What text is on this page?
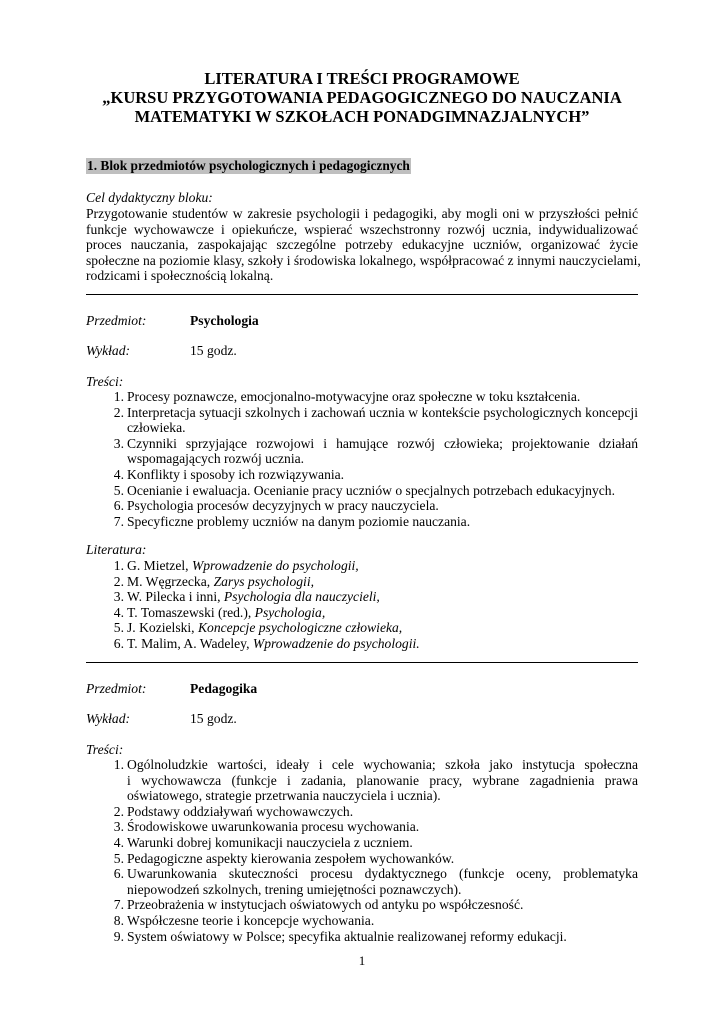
LITERATURA I TREŚCI PROGRAMOWE
„KURSU PRZYGOTOWANIA PEDAGOGICZNEGO DO NAUCZANIA
MATEMATYKI W SZKOŁACH PONADGIMNAZJALNYCH”
1. Blok przedmiotów psychologicznych i pedagogicznych
Cel dydaktyczny bloku:
Przygotowanie studentów w zakresie psychologii i pedagogiki, aby mogli oni w przyszłości pełnić
funkcje wychowawcze i opiekuńcze, wspierać wszechstronny rozwój ucznia, indywidualizować
proces nauczania, zaspokajając szczególne potrzeby edukacyjne uczniów, organizować życie
społeczne na poziomie klasy, szkoły i środowiska lokalnego, współpracować z innymi nauczycielami,
rodzicami i społecznością lokalną.
Przedmiot:	Psychologia
Wykład:	15 godz.
Treści:
1. Procesy poznawcze, emocjonalno-motywacyjne oraz społeczne w toku kształcenia.
2. Interpretacja sytuacji szkolnych i zachowań ucznia w kontekście psychologicznych koncepcji
człowieka.
3. Czynniki sprzyjające rozwojowi i hamujące rozwój człowieka; projektowanie działań
wspomagających rozwój ucznia.
4. Konflikty i sposoby ich rozwiązywania.
5. Ocenianie i ewaluacja. Ocenianie pracy uczniów o specjalnych potrzebach edukacyjnych.
6. Psychologia procesów decyzyjnych w pracy nauczyciela.
7. Specyficzne problemy uczniów na danym poziomie nauczania.
Literatura:
1. G. Mietzel, Wprowadzenie do psychologii,
2. M. Węgrzecka, Zarys psychologii,
3. W. Pilecka i inni, Psychologia dla nauczycieli,
4. T. Tomaszewski (red.), Psychologia,
5. J. Kozielski, Koncepcje psychologiczne człowieka,
6. T. Malim, A. Wadeley, Wprowadzenie do psychologii.
Przedmiot:	Pedagogika
Wykład:	15 godz.
Treści:
1. Ogólnoludzkie wartości, ideały i cele wychowania; szkoła jako instytucja społeczna
i wychowawcza (funkcje i zadania, planowanie pracy, wybrane zagadnienia prawa
oświatowego, strategie przetrwania nauczyciela i ucznia).
2. Podstawy oddziaływań wychowawczych.
3. Środowiskowe uwarunkowania procesu wychowania.
4. Warunki dobrej komunikacji nauczyciela z uczniem.
5. Pedagogiczne aspekty kierowania zespołem wychowanków.
6. Uwarunkowania skuteczności procesu dydaktycznego (funkcje oceny, problematyka
niepowodzeń szkolnych, trening umiejętności poznawczych).
7. Przeobrażenia w instytucjach oświatowych od antyku po współczesność.
8. Współczesne teorie i koncepcje wychowania.
9. System oświatowy w Polsce; specyfika aktualnie realizowanej reformy edukacji.
1
